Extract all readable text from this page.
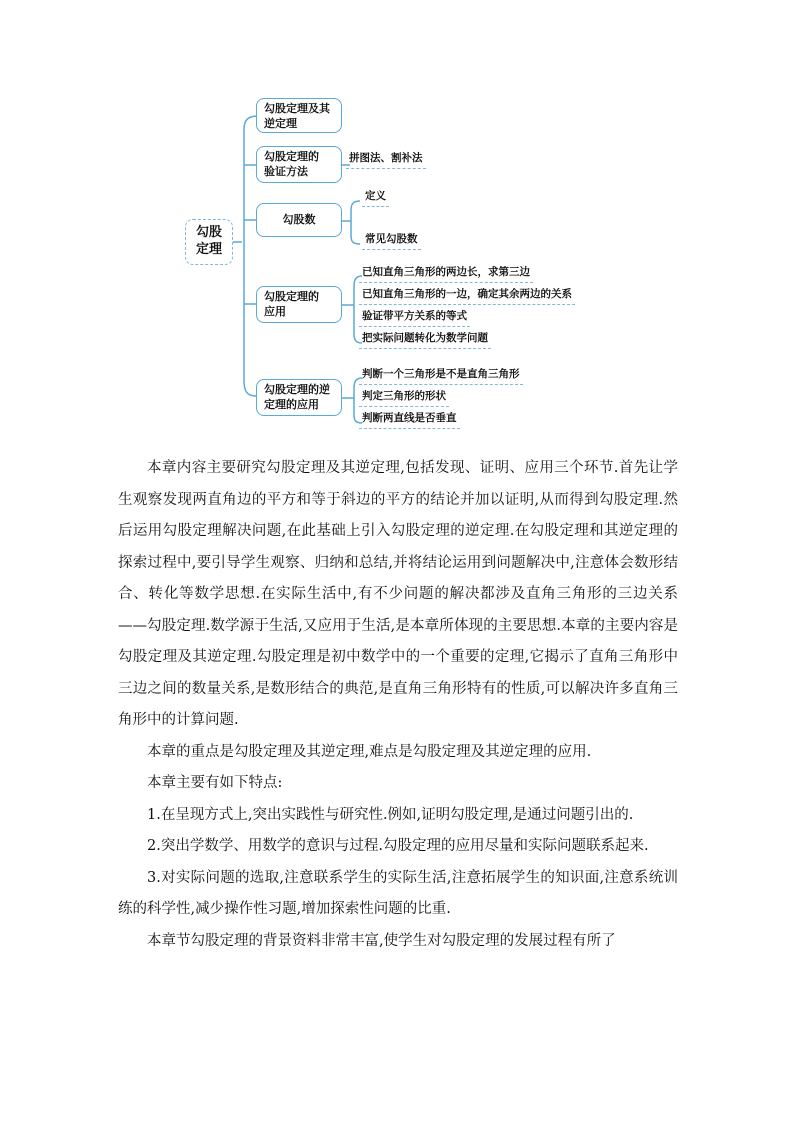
勾股
定理
勾股定理及其
逆定理
勾股定理的
验证方法
勾股数
勾股定理的
应用
勾股定理的逆
定理的应用
拼图法、割补法
定义
常见勾股数
已知直角三角形的两边长，求第三边
已知直角三角形的一边，确定其余两边的关系
验证带平方关系的等式
把实际问题转化为数学问题
判断一个三角形是不是直角三角形
判定三角形的形状
判断两直线是否垂直

本章内容主要研究勾股定理及其逆定理,包括发现、证明、应用三个环节.首先让学生观察发现两直角边的平方和等于斜边的平方的结论并加以证明,从而得到勾股定理.然后运用勾股定理解决问题,在此基础上引入勾股定理的逆定理.在勾股定理和其逆定理的探索过程中,要引导学生观察、归纳和总结,并将结论运用到问题解决中,注意体会数形结合、转化等数学思想.在实际生活中,有不少问题的解决都涉及直角三角形的三边关系——勾股定理.数学源于生活,又应用于生活,是本章所体现的主要思想.本章的主要内容是勾股定理及其逆定理.勾股定理是初中数学中的一个重要的定理,它揭示了直角三角形中三边之间的数量关系,是数形结合的典范,是直角三角形特有的性质,可以解决许多直角三角形中的计算问题.

本章的重点是勾股定理及其逆定理,难点是勾股定理及其逆定理的应用.

本章主要有如下特点:

1.在呈现方式上,突出实践性与研究性.例如,证明勾股定理,是通过问题引出的.

2.突出学数学、用数学的意识与过程.勾股定理的应用尽量和实际问题联系起来.

3.对实际问题的选取,注意联系学生的实际生活,注意拓展学生的知识面,注意系统训练的科学性,减少操作性习题,增加探索性问题的比重.

本章节勾股定理的背景资料非常丰富,使学生对勾股定理的发展过程有所了
